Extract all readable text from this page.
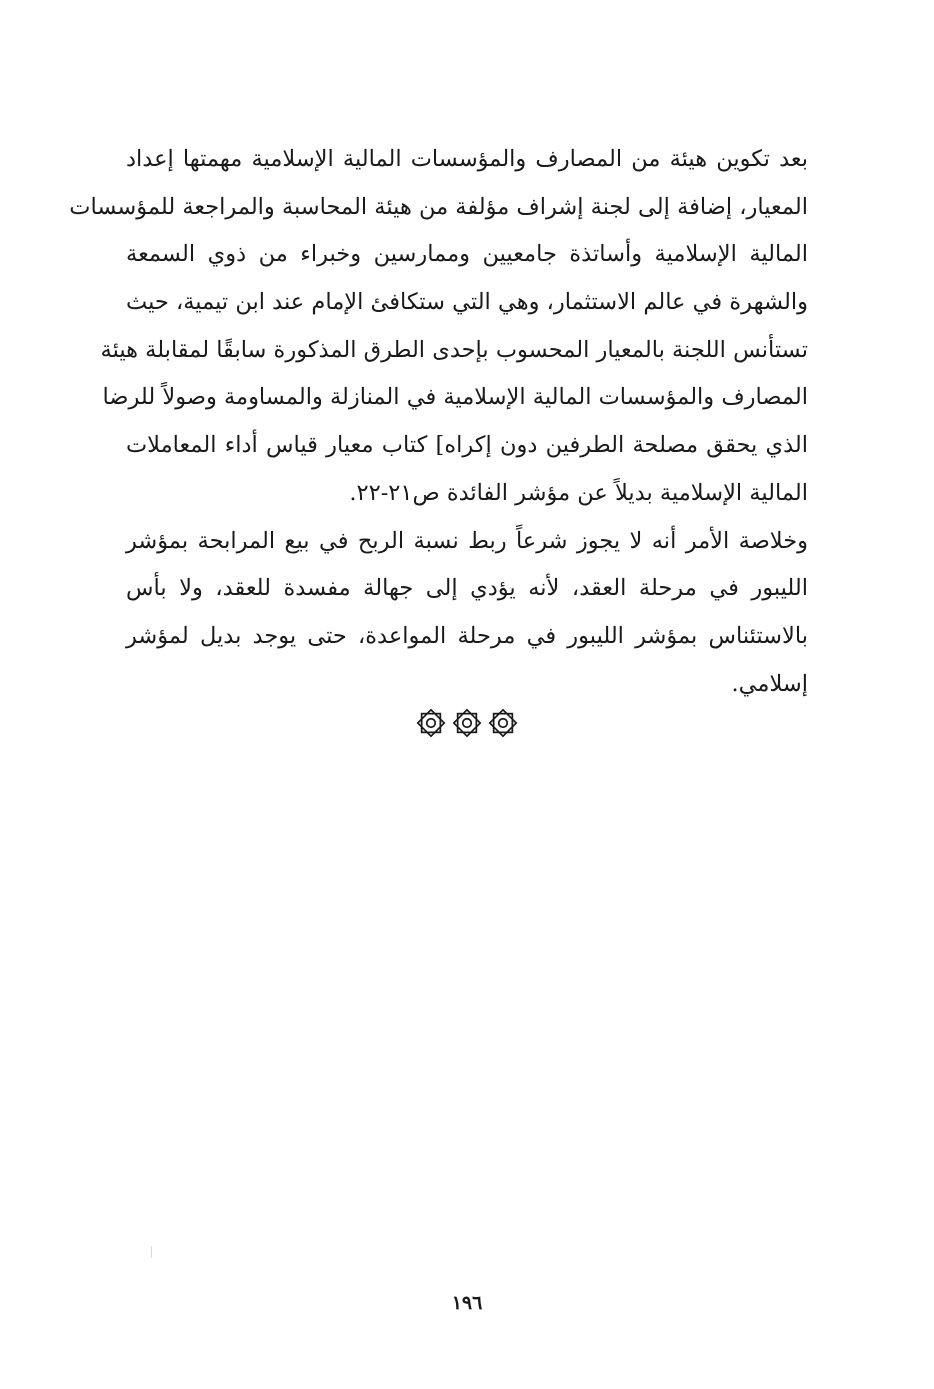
بعد تكوين هيئة من المصارف والمؤسسات المالية الإسلامية مهمتها إعداد
المعيار، إضافة إلى لجنة إشراف مؤلفة من هيئة المحاسبة والمراجعة للمؤسسات
المالية الإسلامية وأساتذة جامعيين وممارسين وخبراء من ذوي السمعة
والشهرة في عالم الاستثمار، وهي التي ستكافئ الإمام عند ابن تيمية، حيث
تستأنس اللجنة بالمعيار المحسوب بإحدى الطرق المذكورة سابقًا لمقابلة هيئة
المصارف والمؤسسات المالية الإسلامية في المنازلة والمساومة وصولاً للرضا
الذي يحقق مصلحة الطرفين دون إكراه] كتاب معيار قياس أداء المعاملات
المالية الإسلامية بديلاً عن مؤشر الفائدة ص٢١-٢٢.
وخلاصة الأمر أنه لا يجوز شرعاً ربط نسبة الربح في بيع المرابحة بمؤشر
الليبور في مرحلة العقد، لأنه يؤدي إلى جهالة مفسدة للعقد، ولا بأس
بالاستئناس بمؤشر الليبور في مرحلة المواعدة، حتى يوجد بديل لمؤشر
إسلامي.
١٩٦
